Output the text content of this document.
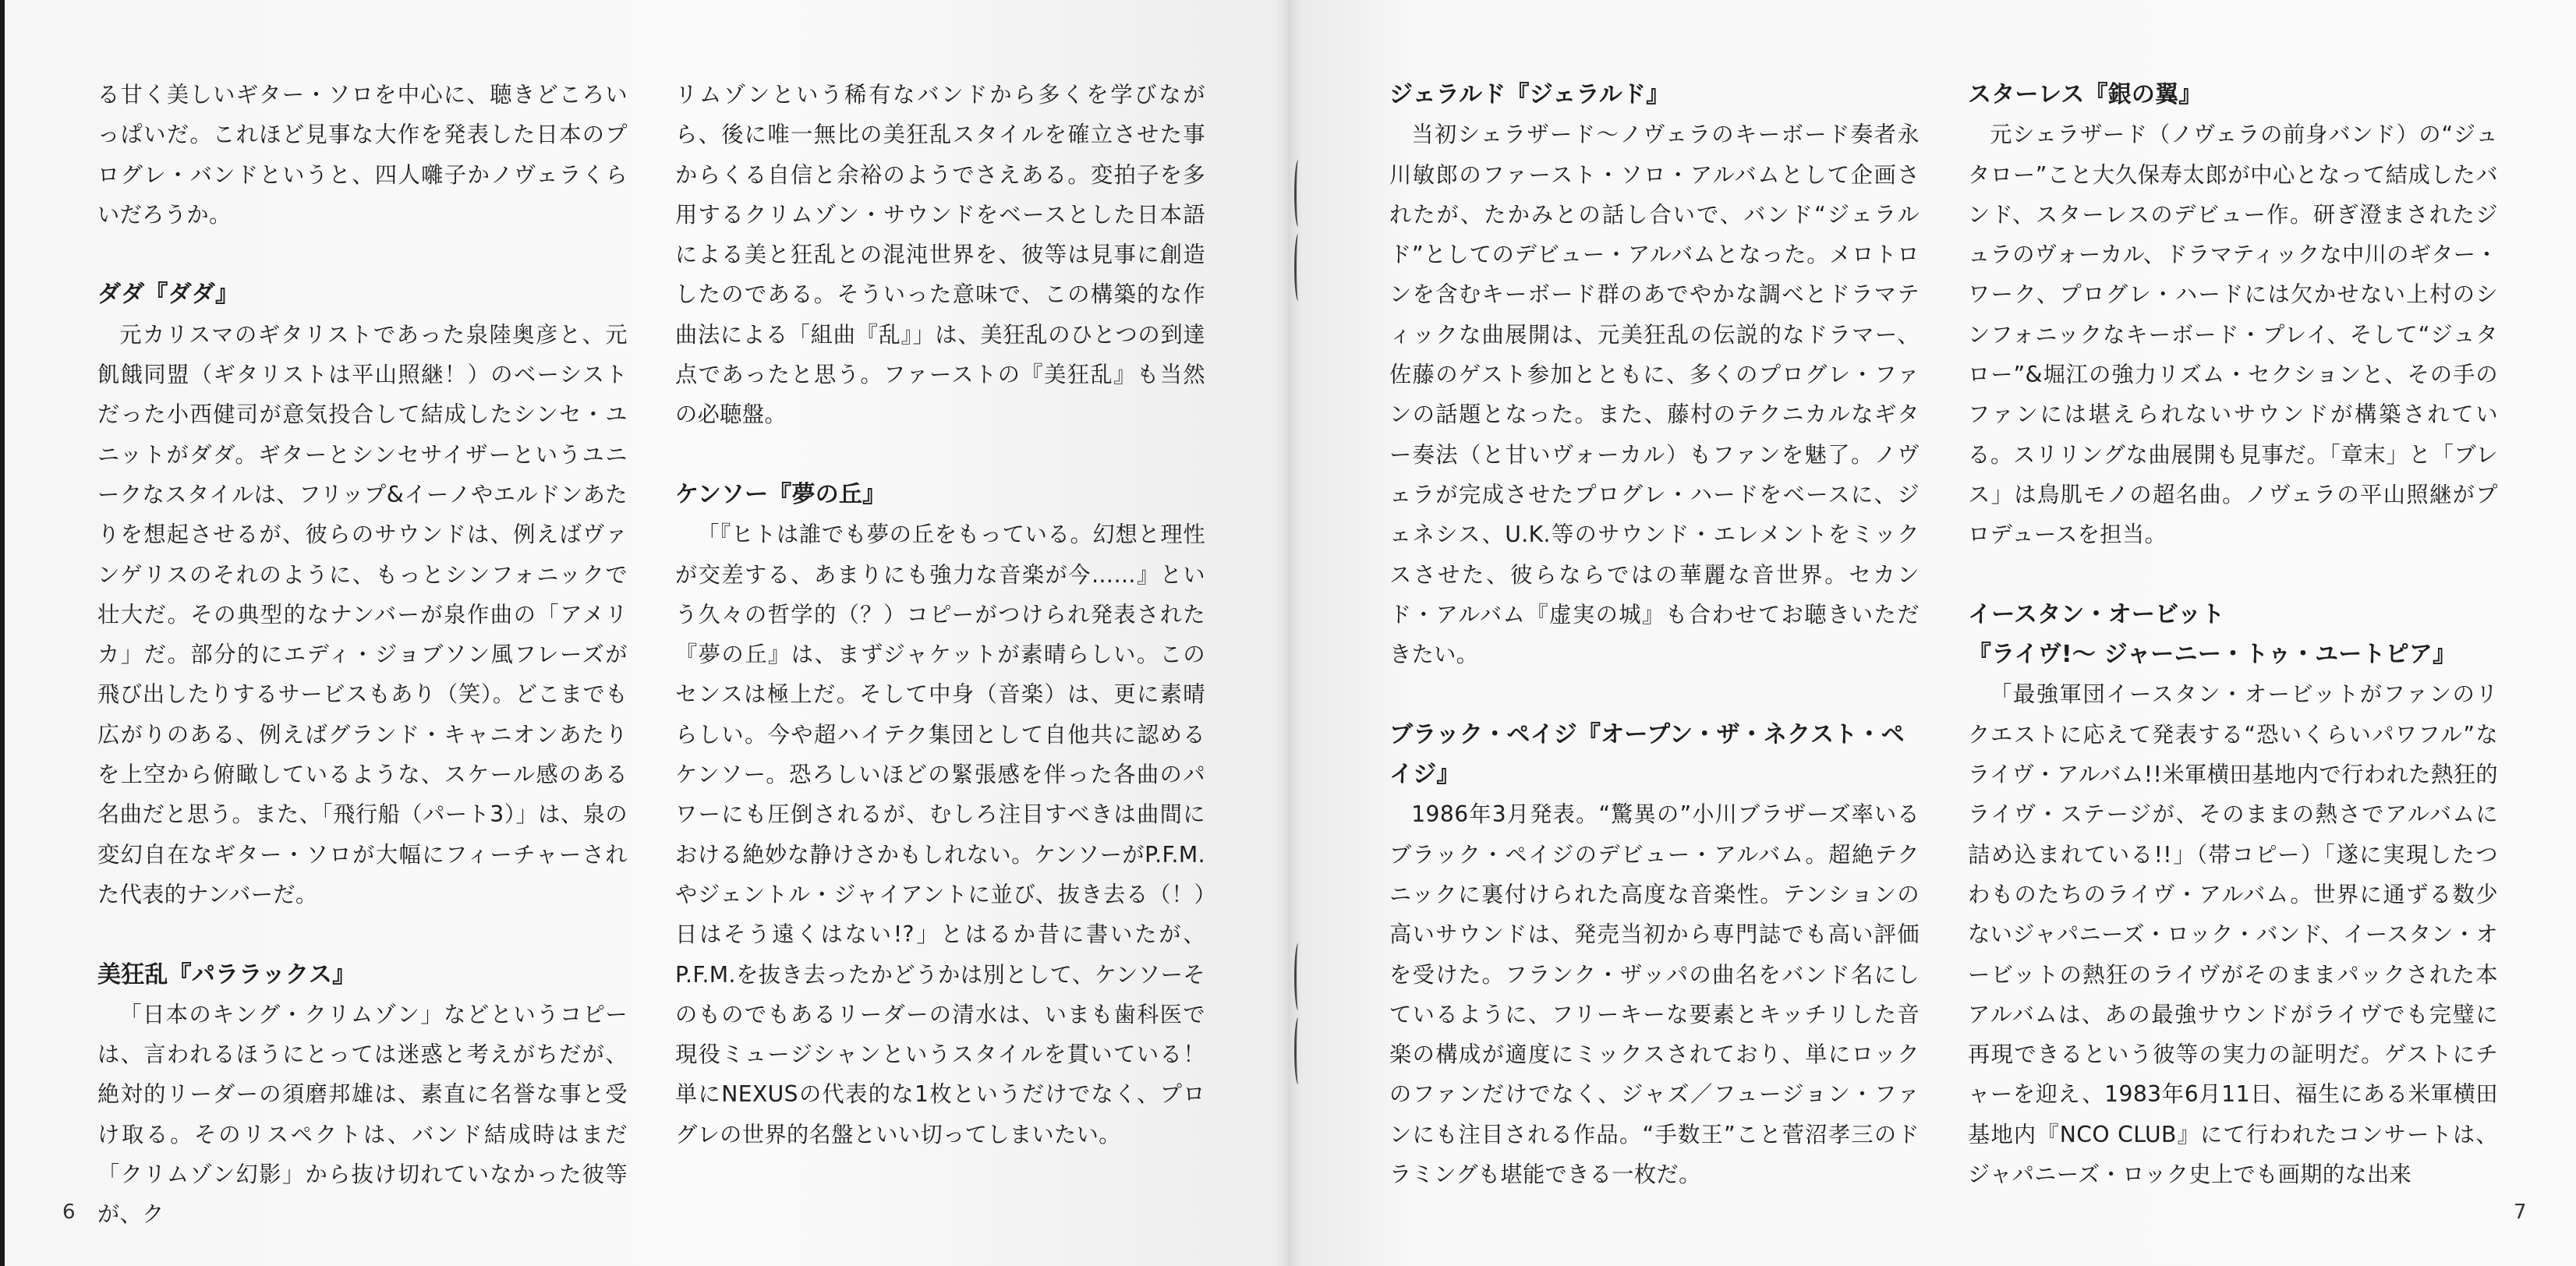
る甘く美しいギター・ソロを中心に、聴きどころいっぱいだ。これほど見事な大作を発表した日本のプログレ・バンドというと、四人囃子かノヴェラくらいだろうか。

ダダ『ダダ』

元カリスマのギタリストであった泉陸奥彦と、元飢餓同盟（ギタリストは平山照継！）のベーシストだった小西健司が意気投合して結成したシンセ・ユニットがダダ。ギターとシンセサイザーというユニークなスタイルは、フリップ&イーノやエルドンあたりを想起させるが、彼らのサウンドは、例えばヴァンゲリスのそれのように、もっとシンフォニックで壮大だ。その典型的なナンバーが泉作曲の「アメリカ」だ。部分的にエディ・ジョブソン風フレーズが飛び出したりするサービスもあり（笑）。どこまでも広がりのある、例えばグランド・キャニオンあたりを上空から俯瞰しているような、スケール感のある名曲だと思う。また、「飛行船（パート3）」は、泉の変幻自在なギター・ソロが大幅にフィーチャーされた代表的ナンバーだ。

美狂乱『パララックス』

「日本のキング・クリムゾン」などというコピーは、言われるほうにとっては迷惑と考えがちだが、絶対的リーダーの須磨邦雄は、素直に名誉な事と受け取る。そのリスペクトは、バンド結成時はまだ「クリムゾン幻影」から抜け切れていなかった彼等が、ク

リムゾンという稀有なバンドから多くを学びながら、後に唯一無比の美狂乱スタイルを確立させた事からくる自信と余裕のようでさえある。変拍子を多用するクリムゾン・サウンドをベースとした日本語による美と狂乱との混沌世界を、彼等は見事に創造したのである。そういった意味で、この構築的な作曲法による「組曲『乱』」は、美狂乱のひとつの到達点であったと思う。ファーストの『美狂乱』も当然の必聴盤。

ケンソー『夢の丘』

「『ヒトは誰でも夢の丘をもっている。幻想と理性が交差する、あまりにも強力な音楽が今……』という久々の哲学的（？）コピーがつけられ発表された『夢の丘』は、まずジャケットが素晴らしい。このセンスは極上だ。そして中身（音楽）は、更に素晴らしい。今や超ハイテク集団として自他共に認めるケンソー。恐ろしいほどの緊張感を伴った各曲のパワーにも圧倒されるが、むしろ注目すべきは曲間における絶妙な静けさかもしれない。ケンソーがP.F.M.やジェントル・ジャイアントに並び、抜き去る（！）日はそう遠くはない!?」とはるか昔に書いたが、P.F.M.を抜き去ったかどうかは別として、ケンソーそのものでもあるリーダーの清水は、いまも歯科医で現役ミュージシャンというスタイルを貫いている！単にNEXUSの代表的な1枚というだけでなく、プログレの世界的名盤といい切ってしまいたい。

6
ジェラルド『ジェラルド』

当初シェラザード～ノヴェラのキーボード奏者永川敏郎のファースト・ソロ・アルバムとして企画されたが、たかみとの話し合いで、バンド“ジェラルド”としてのデビュー・アルバムとなった。メロトロンを含むキーボード群のあでやかな調べとドラマティックな曲展開は、元美狂乱の伝説的なドラマー、佐藤のゲスト参加とともに、多くのプログレ・ファンの話題となった。また、藤村のテクニカルなギター奏法（と甘いヴォーカル）もファンを魅了。ノヴェラが完成させたプログレ・ハードをベースに、ジェネシス、U.K.等のサウンド・エレメントをミックスさせた、彼らならではの華麗な音世界。セカンド・アルバム『虚実の城』も合わせてお聴きいただきたい。

ブラック・ペイジ『オープン・ザ・ネクスト・ペイジ』

1986年3月発表。“驚異の”小川ブラザーズ率いるブラック・ペイジのデビュー・アルバム。超絶テクニックに裏付けられた高度な音楽性。テンションの高いサウンドは、発売当初から専門誌でも高い評価を受けた。フランク・ザッパの曲名をバンド名にしているように、フリーキーな要素とキッチリした音楽の構成が適度にミックスされており、単にロックのファンだけでなく、ジャズ／フュージョン・ファンにも注目される作品。“手数王”こと菅沼孝三のドラミングも堪能できる一枚だ。

スターレス『銀の翼』

元シェラザード（ノヴェラの前身バンド）の“ジュタロー”こと大久保寿太郎が中心となって結成したバンド、スターレスのデビュー作。研ぎ澄まされたジュラのヴォーカル、ドラマティックな中川のギター・ワーク、プログレ・ハードには欠かせない上村のシンフォニックなキーボード・プレイ、そして“ジュタロー”&堀江の強力リズム・セクションと、その手のファンには堪えられないサウンドが構築されている。スリリングな曲展開も見事だ。「章末」と「ブレス」は鳥肌モノの超名曲。ノヴェラの平山照継がプロデュースを担当。

イースタン・オービット
『ライヴ!～ ジャーニー・トゥ・ユートピア』

「最強軍団イースタン・オービットがファンのリクエストに応えて発表する“恐いくらいパワフル”なライヴ・アルバム!!米軍横田基地内で行われた熱狂的ライヴ・ステージが、そのままの熱さでアルバムに詰め込まれている!!」（帯コピー）「遂に実現したつわものたちのライヴ・アルバム。世界に通ずる数少ないジャパニーズ・ロック・バンド、イースタン・オービットの熱狂のライヴがそのままパックされた本アルバムは、あの最強サウンドがライヴでも完璧に再現できるという彼等の実力の証明だ。ゲストにチャーを迎え、1983年6月11日、福生にある米軍横田基地内『NCO CLUB』にて行われたコンサートは、ジャパニーズ・ロック史上でも画期的な出来

7
